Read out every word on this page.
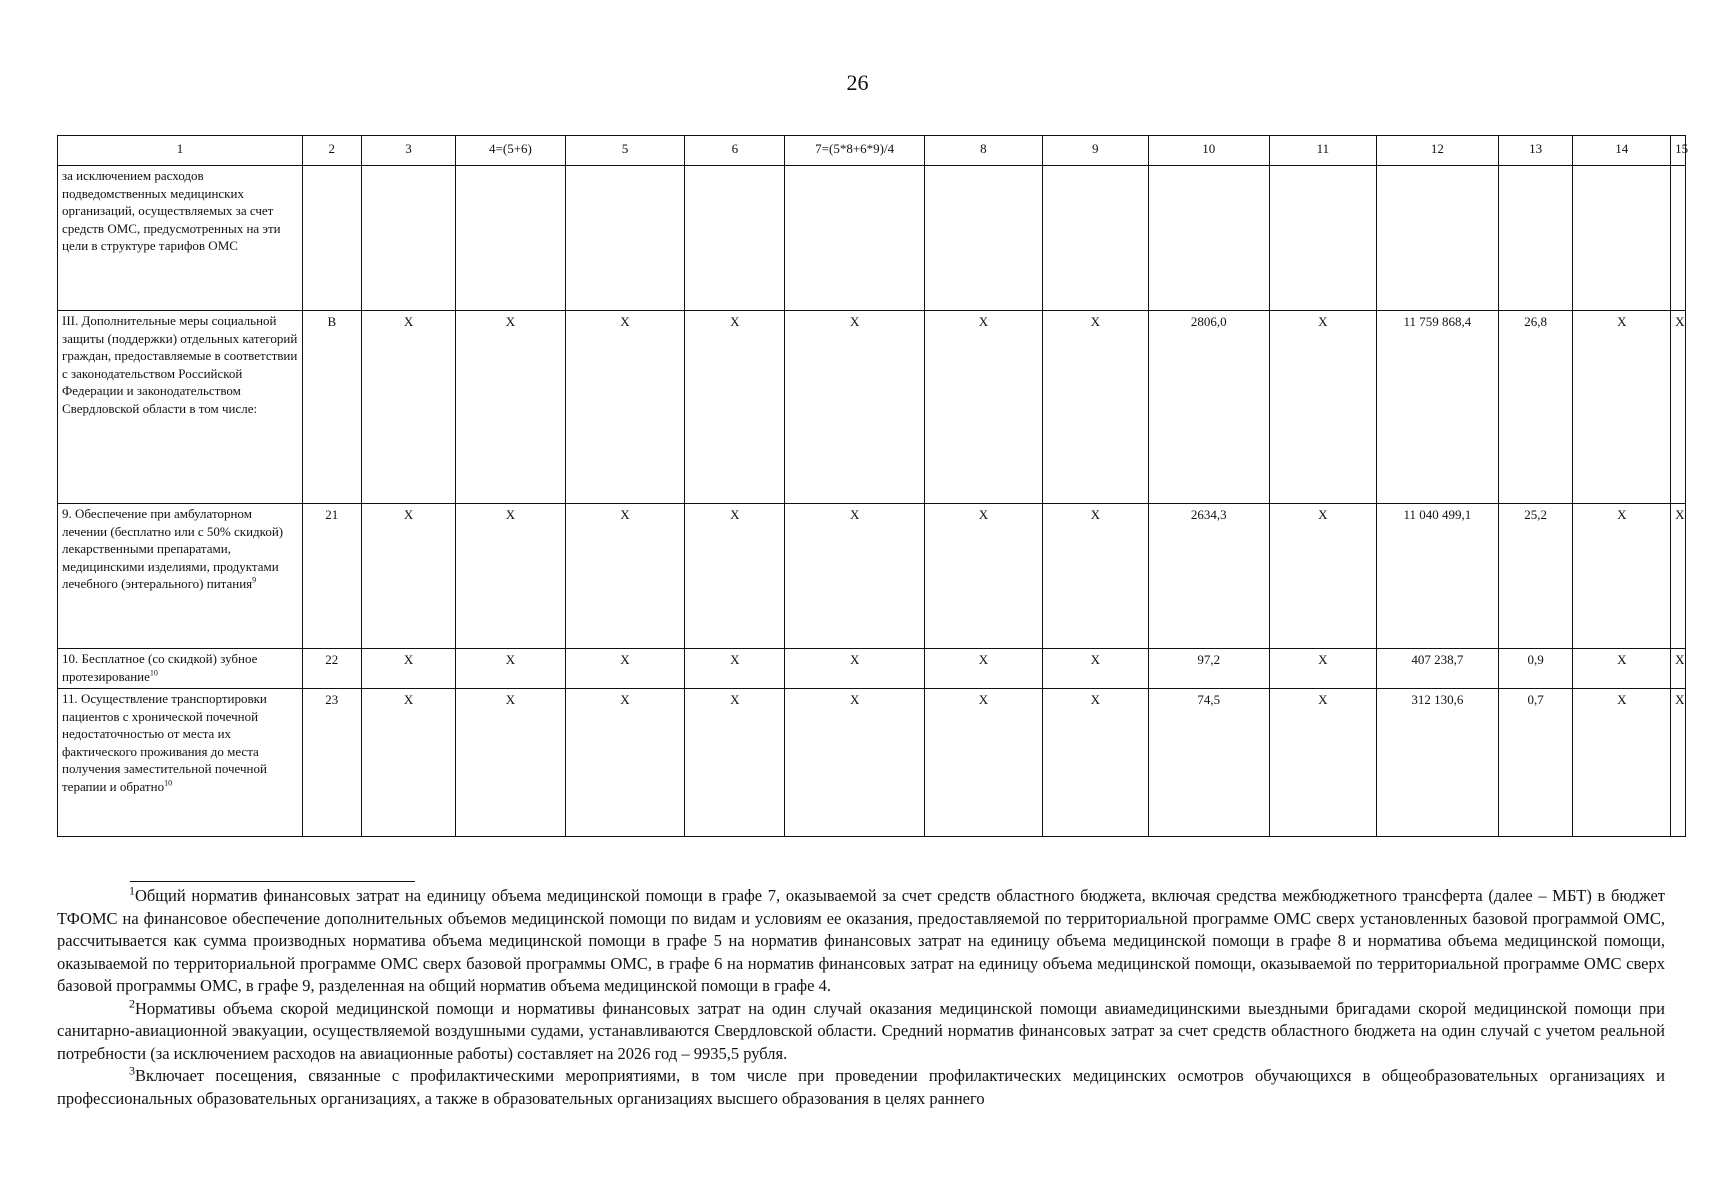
26
1	2	3	4=(5+6)	5	6	7=(5*8+6*9)/4	8	9	10	11	12	13	14	15
за исключением расходов подведомственных медицинских организаций, осуществляемых за счет средств ОМС, предусмотренных на эти цели в структуре тарифов ОМС														
III. Дополнительные меры социальной защиты (поддержки) отдельных категорий граждан, предоставляемые в соответствии с законодательством Российской Федерации и законодательством Свердловской области в том числе:	В	Х	Х	Х	Х	Х	Х	Х	2806,0	Х	11 759 868,4	26,8	Х	Х
9. Обеспечение при амбулаторном лечении (бесплатно или с 50% скидкой) лекарственными препаратами, медицинскими изделиями, продуктами лечебного (энтерального) питания$^9$	21	Х	Х	Х	Х	Х	Х	Х	2634,3	Х	11 040 499,1	25,2	Х	Х
10. Бесплатное (со скидкой) зубное протезирование$^{10}$	22	Х	Х	Х	Х	Х	Х	Х	97,2	Х	407 238,7	0,9	Х	Х
11. Осуществление транспортировки пациентов с хронической почечной недостаточностью от места их фактического проживания до места получения заместительной почечной терапии и обратно$^{10}$	23	Х	Х	Х	Х	Х	Х	Х	74,5	Х	312 130,6	0,7	Х	Х

$^1$Общий норматив финансовых затрат на единицу объема медицинской помощи в графе 7, оказываемой за счет средств областного бюджета, включая средства межбюджетного трансферта (далее – МБТ) в бюджет ТФОМС на финансовое обеспечение дополнительных объемов медицинской помощи по видам и условиям ее оказания, предоставляемой по территориальной программе ОМС сверх установленных базовой программой ОМС, рассчитывается как сумма производных норматива объема медицинской помощи в графе 5 на норматив финансовых затрат на единицу объема медицинской помощи в графе 8 и норматива объема медицинской помощи, оказываемой по территориальной программе ОМС сверх базовой программы ОМС, в графе 6 на норматив финансовых затрат на единицу объема медицинской помощи, оказываемой по территориальной программе ОМС сверх базовой программы ОМС, в графе 9, разделенная на общий норматив объема медицинской помощи в графе 4.

$^2$Нормативы объема скорой медицинской помощи и нормативы финансовых затрат на один случай оказания медицинской помощи авиамедицинскими выездными бригадами скорой медицинской помощи при санитарно-авиационной эвакуации, осуществляемой воздушными судами, устанавливаются Свердловской области. Средний норматив финансовых затрат за счет средств областного бюджета на один случай с учетом реальной потребности (за исключением расходов на авиационные работы) составляет на 2026 год – 9935,5 рубля.

$^3$Включает посещения, связанные с профилактическими мероприятиями, в том числе при проведении профилактических медицинских осмотров обучающихся в общеобразовательных организациях и профессиональных образовательных организациях, а также в образовательных организациях высшего образования в целях раннего
